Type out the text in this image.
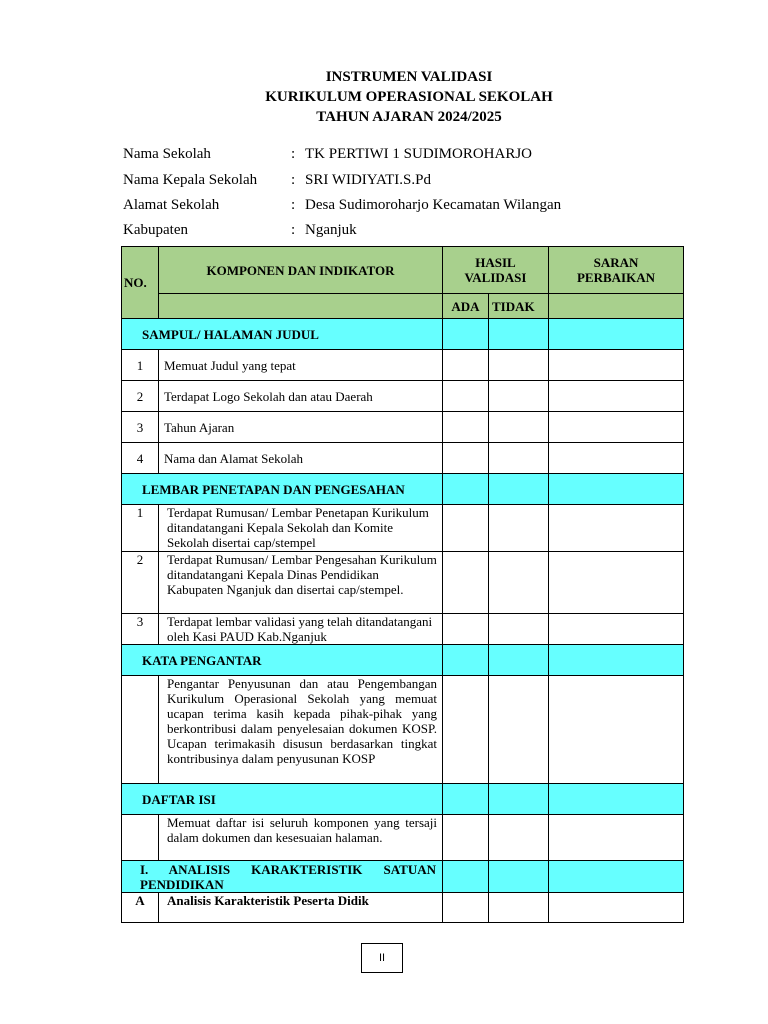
INSTRUMEN VALIDASI
KURIKULUM OPERASIONAL SEKOLAH
TAHUN AJARAN 2024/2025
Nama Sekolah	: TK PERTIWI 1 SUDIMOROHARJO
Nama Kepala Sekolah : SRI WIDIYATI.S.Pd
Alamat Sekolah	: Desa Sudimoroharjo Kecamatan Wilangan
Kabupaten	: Nganjuk
NO.	KOMPONEN DAN INDIKATOR	HASIL VALIDASI		SARAN PERBAIKAN
		ADA	TIDAK	
SAMPUL/ HALAMAN JUDUL				
1	Memuat Judul yang tepat			
2	Terdapat Logo Sekolah dan atau Daerah			
3	Tahun Ajaran			
4	Nama dan Alamat Sekolah			
LEMBAR PENETAPAN DAN PENGESAHAN				
1	Terdapat Rumusan/ Lembar Penetapan Kurikulum ditandatangani Kepala Sekolah dan Komite Sekolah disertai cap/stempel			
2	Terdapat Rumusan/ Lembar Pengesahan Kurikulum ditandatangani Kepala Dinas Pendidikan Kabupaten Nganjuk dan disertai cap/stempel.			
3	Terdapat lembar validasi yang telah ditandatangani oleh Kasi PAUD Kab.Nganjuk			
KATA PENGANTAR				
	Pengantar Penyusunan dan atau Pengembangan Kurikulum Operasional Sekolah yang memuat ucapan terima kasih kepada pihak-pihak yang berkontribusi dalam penyelesaian dokumen KOSP. Ucapan terimakasih disusun berdasarkan tingkat kontribusinya dalam penyusunan KOSP			
DAFTAR ISI				
	Memuat daftar isi seluruh komponen yang tersaji dalam dokumen dan kesesuaian halaman.			
I. ANALISIS KARAKTERISTIK SATUAN PENDIDIKAN				
A	Analisis Karakteristik Peserta Didik			
II
